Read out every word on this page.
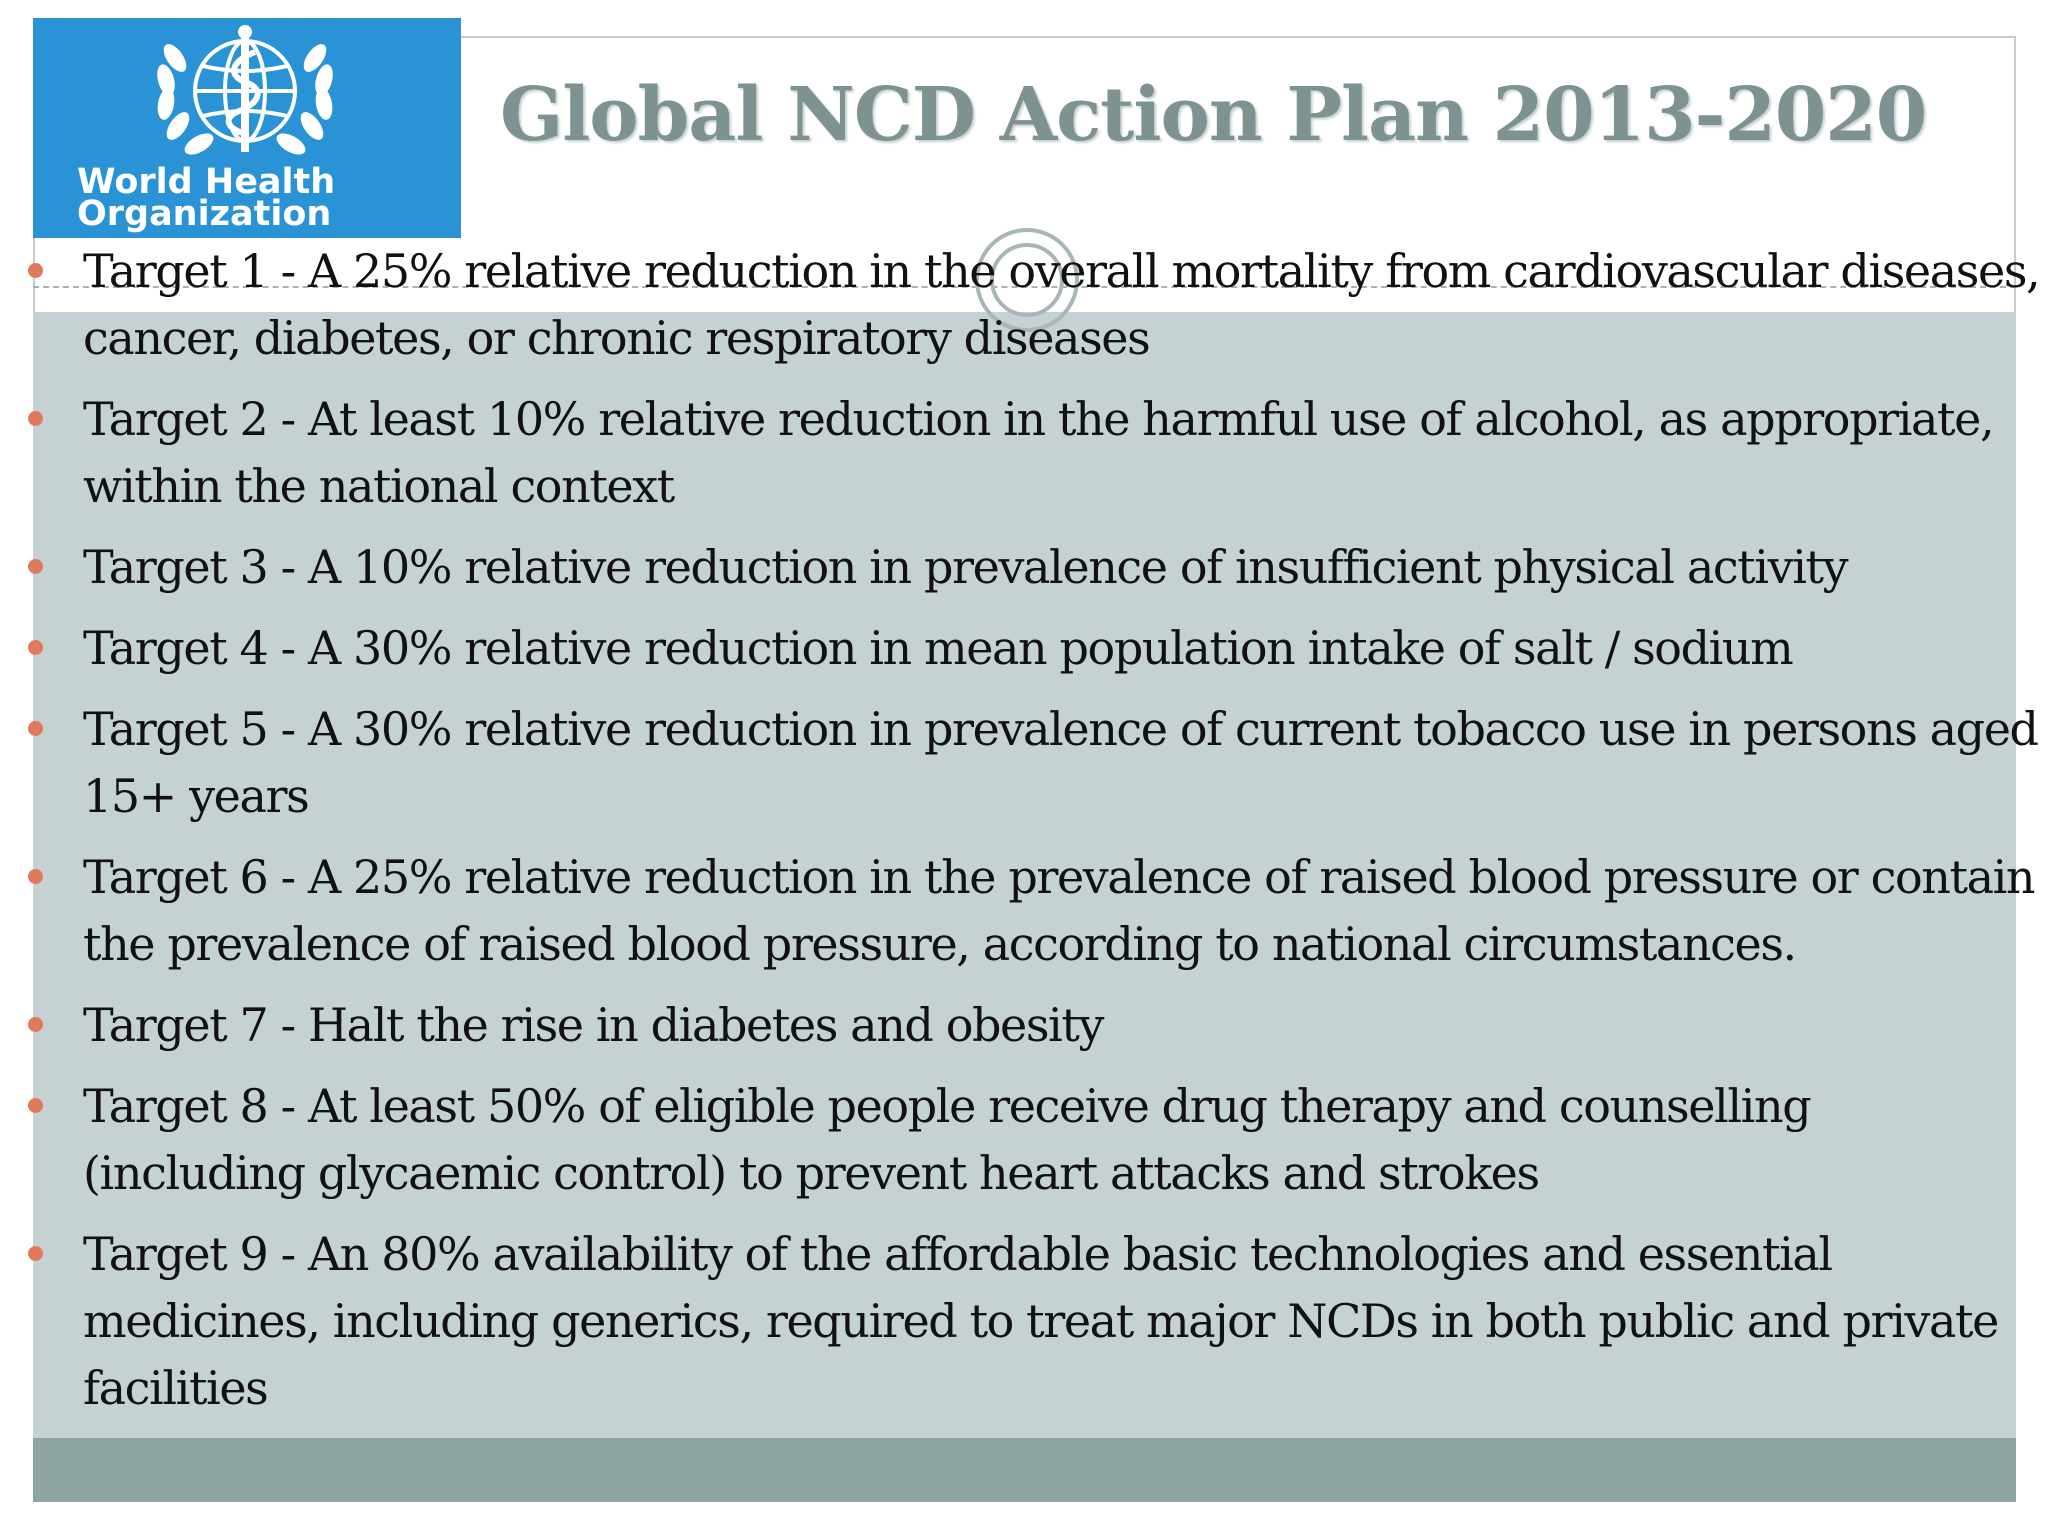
World Health
Organization
Global NCD Action Plan 2013-2020
Target 1 - A 25% relative reduction in the overall mortality from cardiovascular diseases, cancer, diabetes, or chronic respiratory diseases
Target 2 - At least 10% relative reduction in the harmful use of alcohol, as appropriate, within the national context
Target 3 - A 10% relative reduction in prevalence of insufficient physical activity
Target 4 - A 30% relative reduction in mean population intake of salt / sodium
Target 5 - A 30% relative reduction in prevalence of current tobacco use in persons aged 15+ years
Target 6 - A 25% relative reduction in the prevalence of raised blood pressure or contain the prevalence of raised blood pressure, according to national circumstances.
Target 7 - Halt the rise in diabetes and obesity
Target 8 - At least 50% of eligible people receive drug therapy and counselling (including glycaemic control) to prevent heart attacks and strokes
Target 9 - An 80% availability of the affordable basic technologies and essential medicines, including generics, required to treat major NCDs in both public and private facilities
